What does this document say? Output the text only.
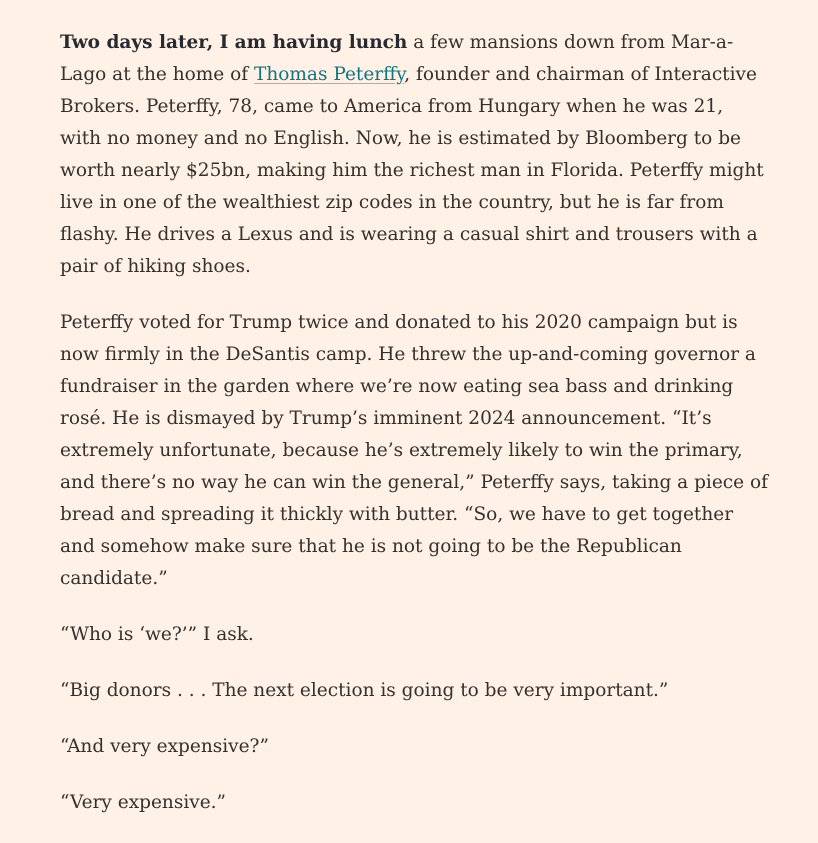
Two days later, I am having lunch a few mansions down from Mar-a-Lago at the home of Thomas Peterffy, founder and chairman of Interactive Brokers. Peterffy, 78, came to America from Hungary when he was 21, with no money and no English. Now, he is estimated by Bloomberg to be worth nearly $25bn, making him the richest man in Florida. Peterffy might live in one of the wealthiest zip codes in the country, but he is far from flashy. He drives a Lexus and is wearing a casual shirt and trousers with a pair of hiking shoes.

Peterffy voted for Trump twice and donated to his 2020 campaign but is now firmly in the DeSantis camp. He threw the up-and-coming governor a fundraiser in the garden where we’re now eating sea bass and drinking rosé. He is dismayed by Trump’s imminent 2024 announcement. “It’s extremely unfortunate, because he’s extremely likely to win the primary, and there’s no way he can win the general,” Peterffy says, taking a piece of bread and spreading it thickly with butter. “So, we have to get together and somehow make sure that he is not going to be the Republican candidate.”

“Who is ‘we?’” I ask.

“Big donors . . . The next election is going to be very important.”

“And very expensive?”

“Very expensive.”
